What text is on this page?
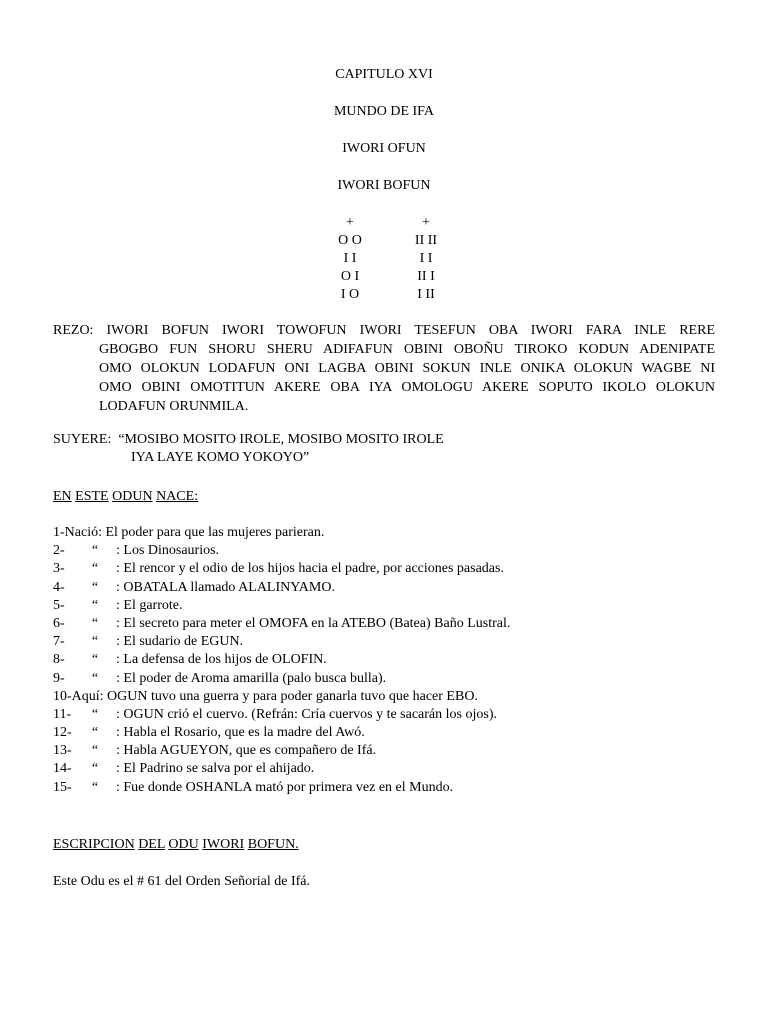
CAPITULO XVI
MUNDO DE IFA
IWORI OFUN
IWORI BOFUN
+
O O
I I
O I
I O
+
II II
I I
II I
I II
REZO: IWORI BOFUN IWORI TOWOFUN IWORI TESEFUN OBA IWORI FARA INLE RERE
GBOGBO FUN SHORU SHERU ADIFAFUN OBINI OBOÑU TIROKO KODUN ADENIPATE
OMO OLOKUN LODAFUN ONI LAGBA OBINI SOKUN INLE ONIKA OLOKUN WAGBE NI
OMO OBINI OMOTITUN AKERE OBA IYA OMOLOGU AKERE SOPUTO IKOLO OLOKUN
LODAFUN ORUNMILA.
SUYERE:  “MOSIBO MOSITO IROLE, MOSIBO MOSITO IROLE
IYA LAYE KOMO YOKOYO”
EN ESTE ODUN NACE:
1-Nació: El poder para que las mujeres parieran.
2- “ : Los Dinosaurios.
3- “ : El rencor y el odio de los hijos hacia el padre, por acciones pasadas.
4- “ : OBATALA llamado ALALINYAMO.
5- “ : El garrote.
6- “ : El secreto para meter el OMOFA en la ATEBO (Batea) Baño Lustral.
7- “ : El sudario de EGUN.
8- “ : La defensa de los hijos de OLOFIN.
9- “ : El poder de Aroma amarilla (palo busca bulla).
10-Aquí: OGUN tuvo una guerra y para poder ganarla tuvo que hacer EBO.
11- “ : OGUN crió el cuervo. (Refrán: Cría cuervos y te sacarán los ojos).
12- “ : Habla el Rosario, que es la madre del Awó.
13- “ : Habla AGUEYON, que es compañero de Ifá.
14- “ : El Padrino se salva por el ahijado.
15- “ : Fue donde OSHANLA mató por primera vez en el Mundo.
ESCRIPCION DEL ODU IWORI BOFUN.
Este Odu es el # 61 del Orden Señorial de Ifá.
